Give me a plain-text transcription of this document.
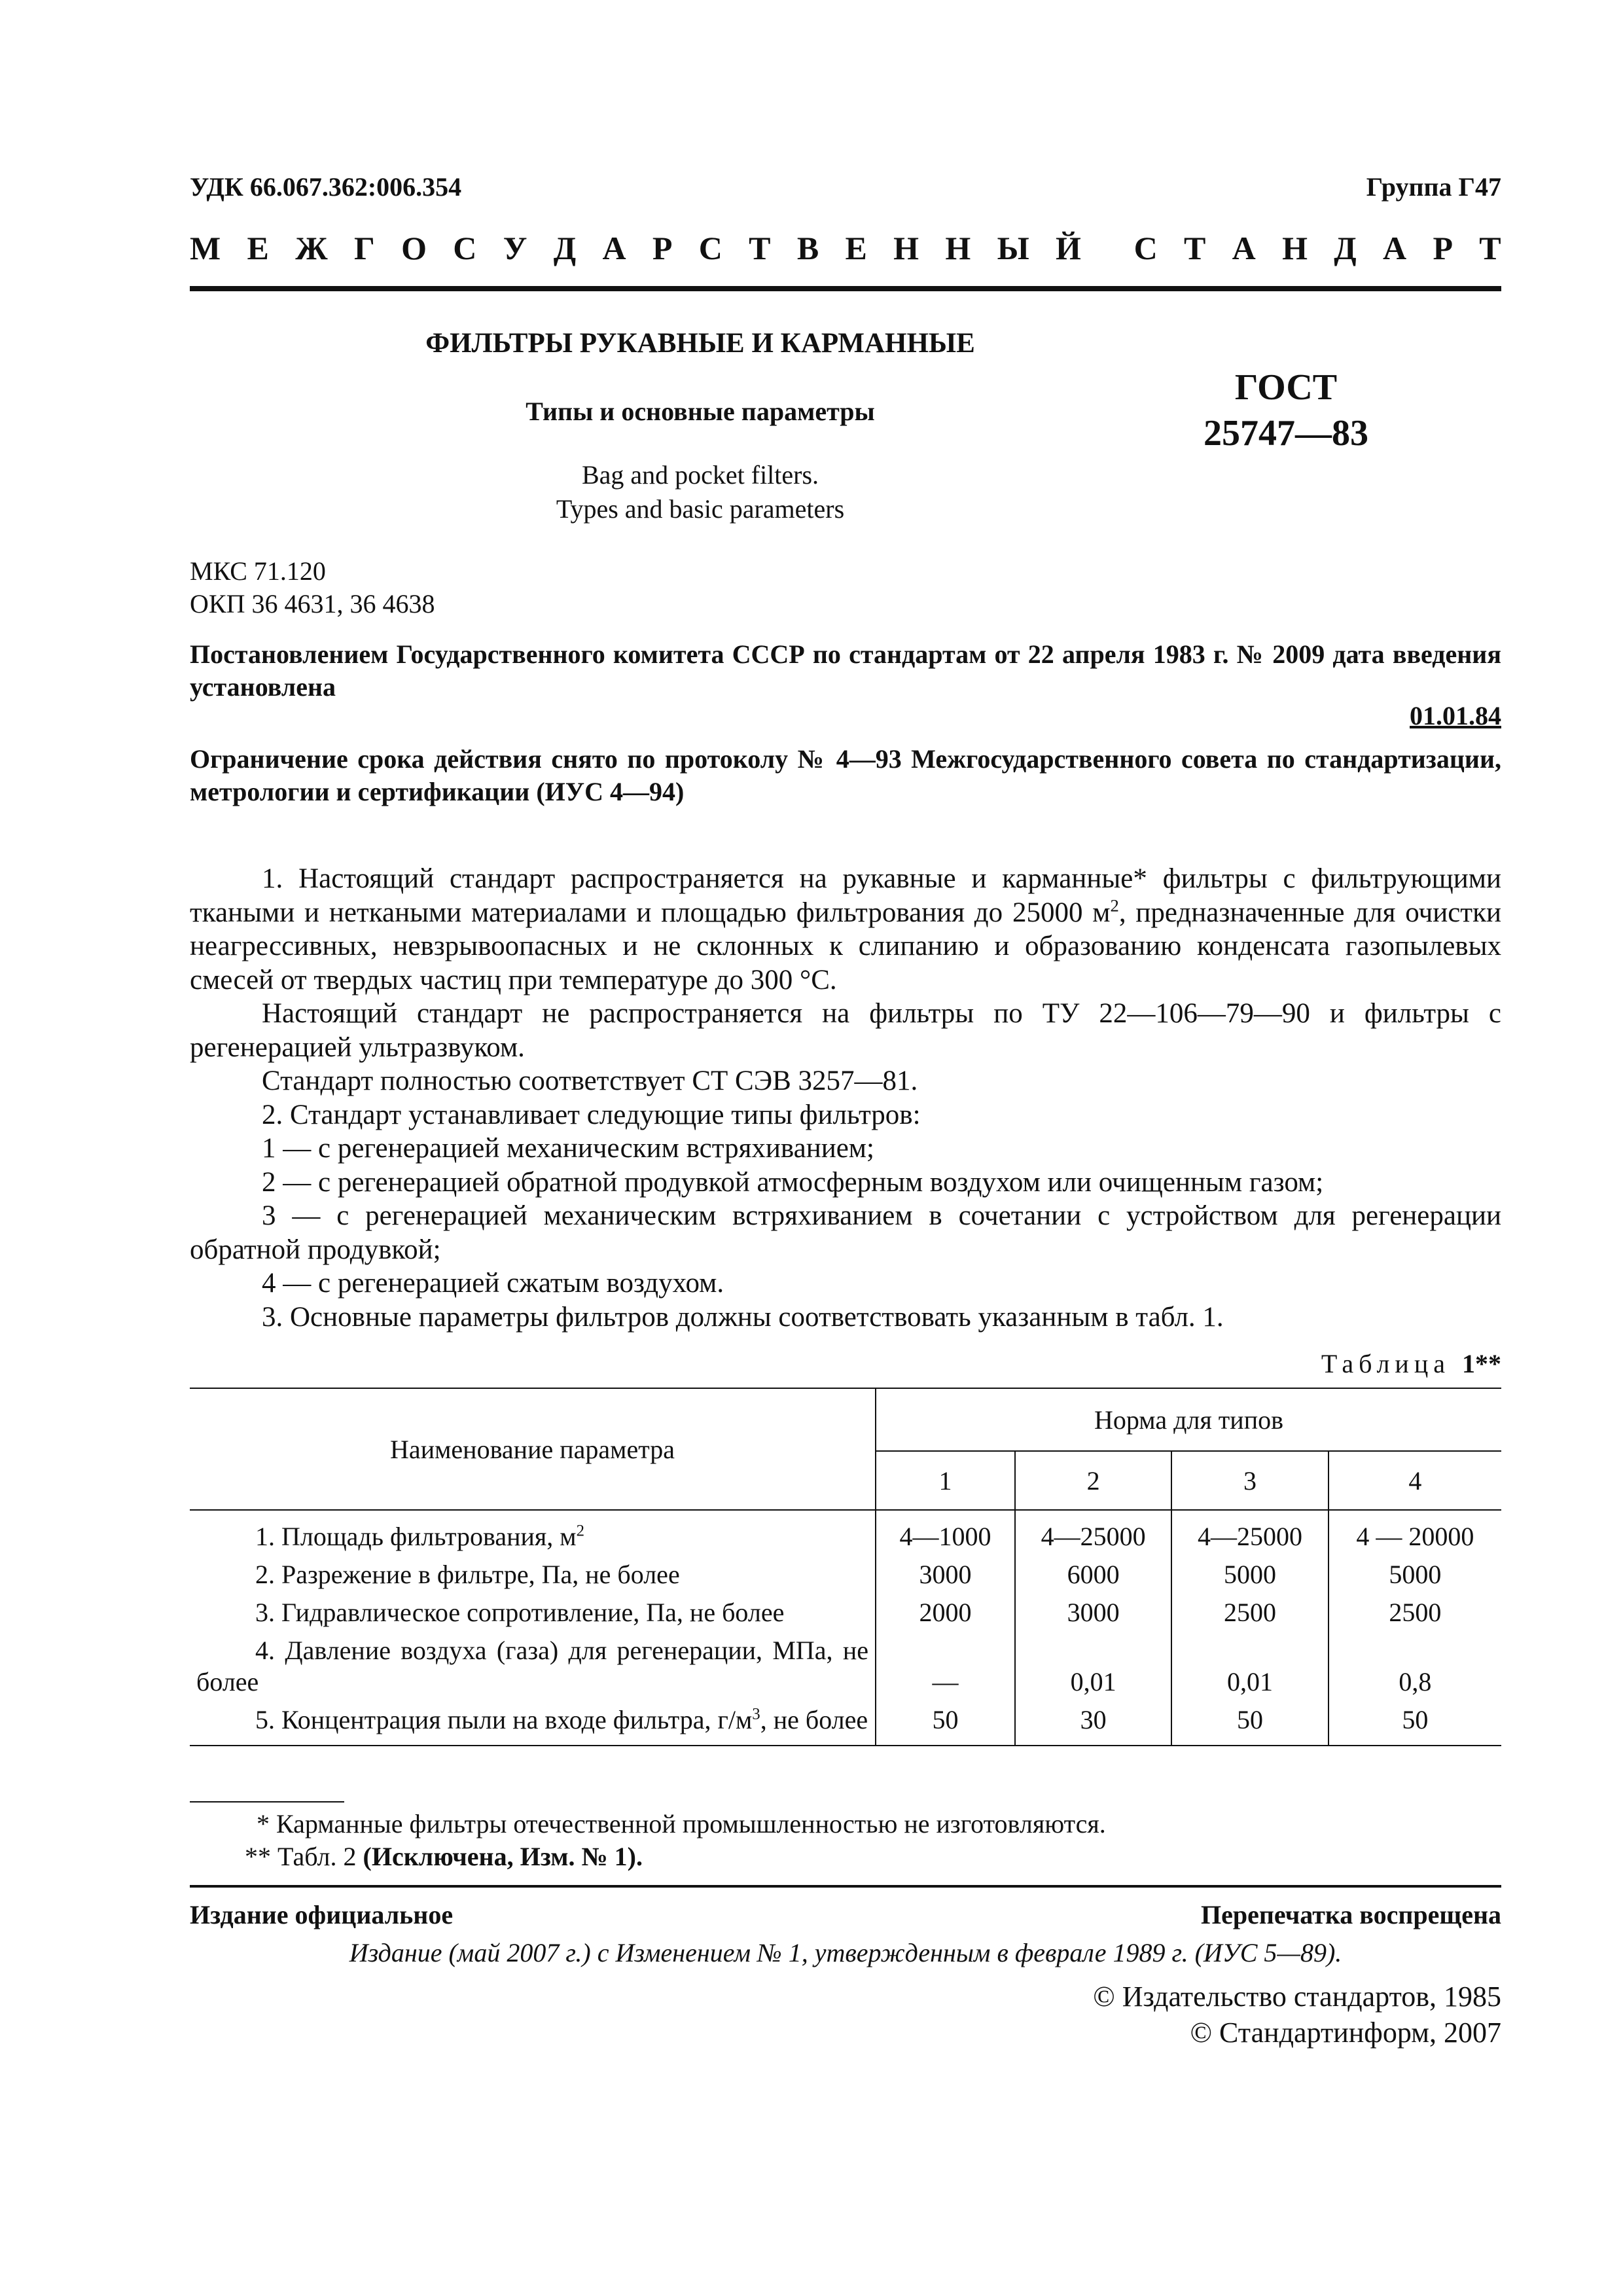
УДК 66.067.362:006.354	Группа Г47
М Е Ж Г О С У Д А Р С Т В Е Н Н Ы Й С Т А Н Д А Р Т
ФИЛЬТРЫ РУКАВНЫЕ И КАРМАННЫЕ
Типы и основные параметры
ГОСТ
25747—83
Bag and pocket filters.
Types and basic parameters
МКС 71.120
ОКП 36 4631, 36 4638
Постановлением Государственного комитета СССР по стандартам от 22 апреля 1983 г. № 2009 дата введения установлена
01.01.84
Ограничение срока действия снято по протоколу № 4—93 Межгосударственного совета по стандартизации, метрологии и сертификации (ИУС 4—94)

1. Настоящий стандарт распространяется на рукавные и карманные* фильтры с фильтрующими ткаными и неткаными материалами и площадью фильтрования до 25000 $м^2$, предназначенные для очистки неагрессивных, невзрывоопасных и не склонных к слипанию и образованию конденсата газопылевых смесей от твердых частиц при температуре до 300 °С.

Настоящий стандарт не распространяется на фильтры по ТУ 22—106—79—90 и фильтры с регенерацией ультразвуком.

Стандарт полностью соответствует СТ СЭВ 3257—81.

2. Стандарт устанавливает следующие типы фильтров:

1 — с регенерацией механическим встряхиванием;

2 — с регенерацией обратной продувкой атмосферным воздухом или очищенным газом;

3 — с регенерацией механическим встряхиванием в сочетании с устройством для регенерации обратной продувкой;

4 — с регенерацией сжатым воздухом.

3. Основные параметры фильтров должны соответствовать указанным в табл. 1.

Таблица 1**
Наименование параметра	Норма для типов			
	1	2	3	4
1. Площадь фильтрования, $м^2$	4—1000	4—25000	4—25000	4 — 20000
2. Разрежение в фильтре, Па, не более	3000	6000	5000	5000
3. Гидравлическое сопротивление, Па, не более	2000	3000	2500	2500
4. Давление воздуха (газа) для регенерации, МПа, не более	—	0,01	0,01	0,8
5. Концентрация пыли на входе фильтра, $г/м^3$, не более	50	30	50	50
* Карманные фильтры отечественной промышленностью не изготовляются.
** Табл. 2 (Исключена, Изм. № 1).
Издание официальное	Перепечатка воспрещена
Издание (май 2007 г.) с Изменением № 1, утвержденным в феврале 1989 г. (ИУС 5—89).
© Издательство стандартов, 1985
© Стандартинформ, 2007
